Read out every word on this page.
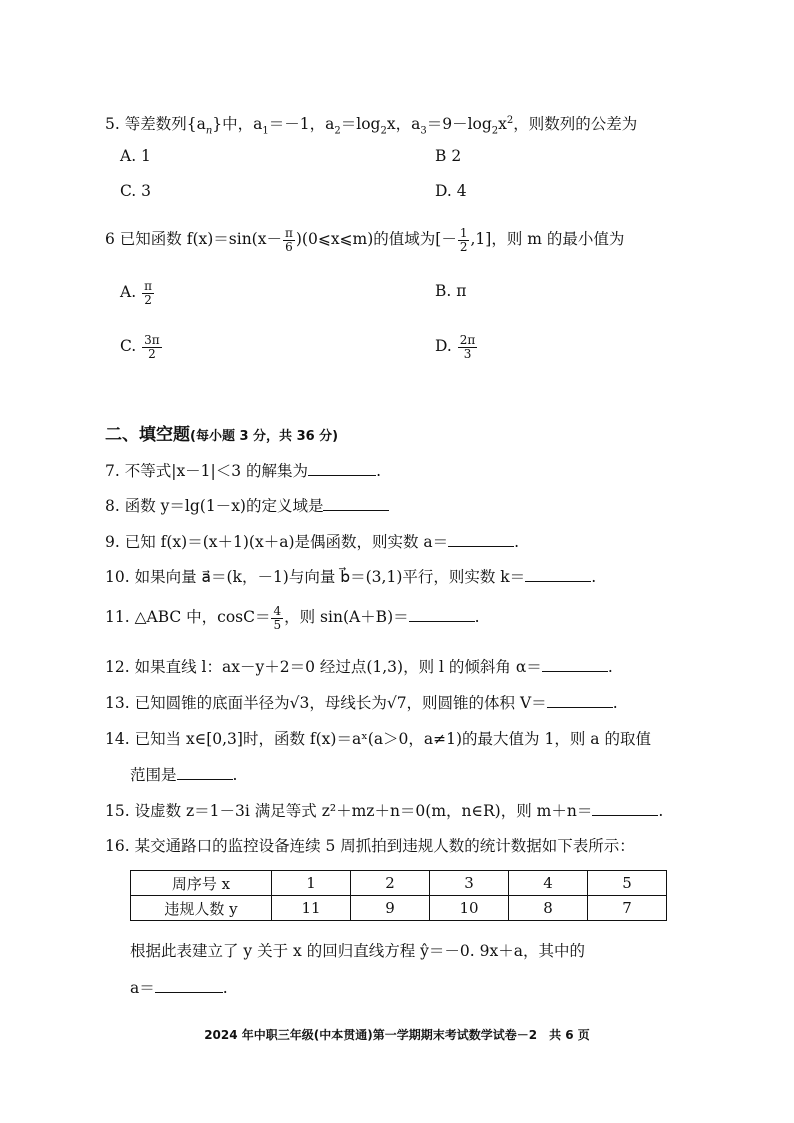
5. 等差数列$\{a_n\}$中，$a_1=-1$，$a_2=\log_2x$，$a_3=9-\log_2x^2$，则数列的公差为
A. 1	B 2
C. 3	D. 4
6 已知函数 $f(x)=\sin(x- \frac{\pi}{6}$ )(0⩽x⩽m)的值域为[－ $\frac{1}{2} ,1$]，则 m 的最小值为
A. $\frac{\pi}{2}$	B. π
C. $\frac{3\pi}{2}$	D. $\frac{2\pi}{3}$
二、填空题(每小题 3 分，共 36 分)
7. 不等式|x－1|＜3 的解集为	.
8. 函数 y＝lg(1－x)的定义域是
9. 已知 f(x)＝(x＋1)(x＋a)是偶函数，则实数 a＝	.
10. 如果向量 a⃗＝(k，－1)与向量 b⃗＝(3,1)平行，则实数 k＝	.
11. △ABC 中，$\cos C= \frac{4}{5}$ ，则 sin(A＋B)＝	.
12. 如果直线 l：ax－y＋2＝0 经过点(1,3)，则 l 的倾斜角 α＝	.
13. 已知圆锥的底面半径为√3，母线长为√7，则圆锥的体积 V＝	.
14. 已知当 x∈[0,3]时，函数 f(x)＝aˣ(a＞0，a≠1)的最大值为 1，则 a 的取值
范围是	.
15. 设虚数 z＝1－3i 满足等式 z²＋mz＋n＝0(m，n∈R)，则 m＋n＝	.
16. 某交通路口的监控设备连续 5 周抓拍到违规人数的统计数据如下表所示：
周序号 x	1	2	3	4	5
违规人数 y	11	9	10	8	7
根据此表建立了 y 关于 x 的回归直线方程 ŷ＝－0. 9x＋a，其中的
a＝	.
2024 年中职三年级(中本贯通)第一学期期末考试数学试卷－2　共 6 页
